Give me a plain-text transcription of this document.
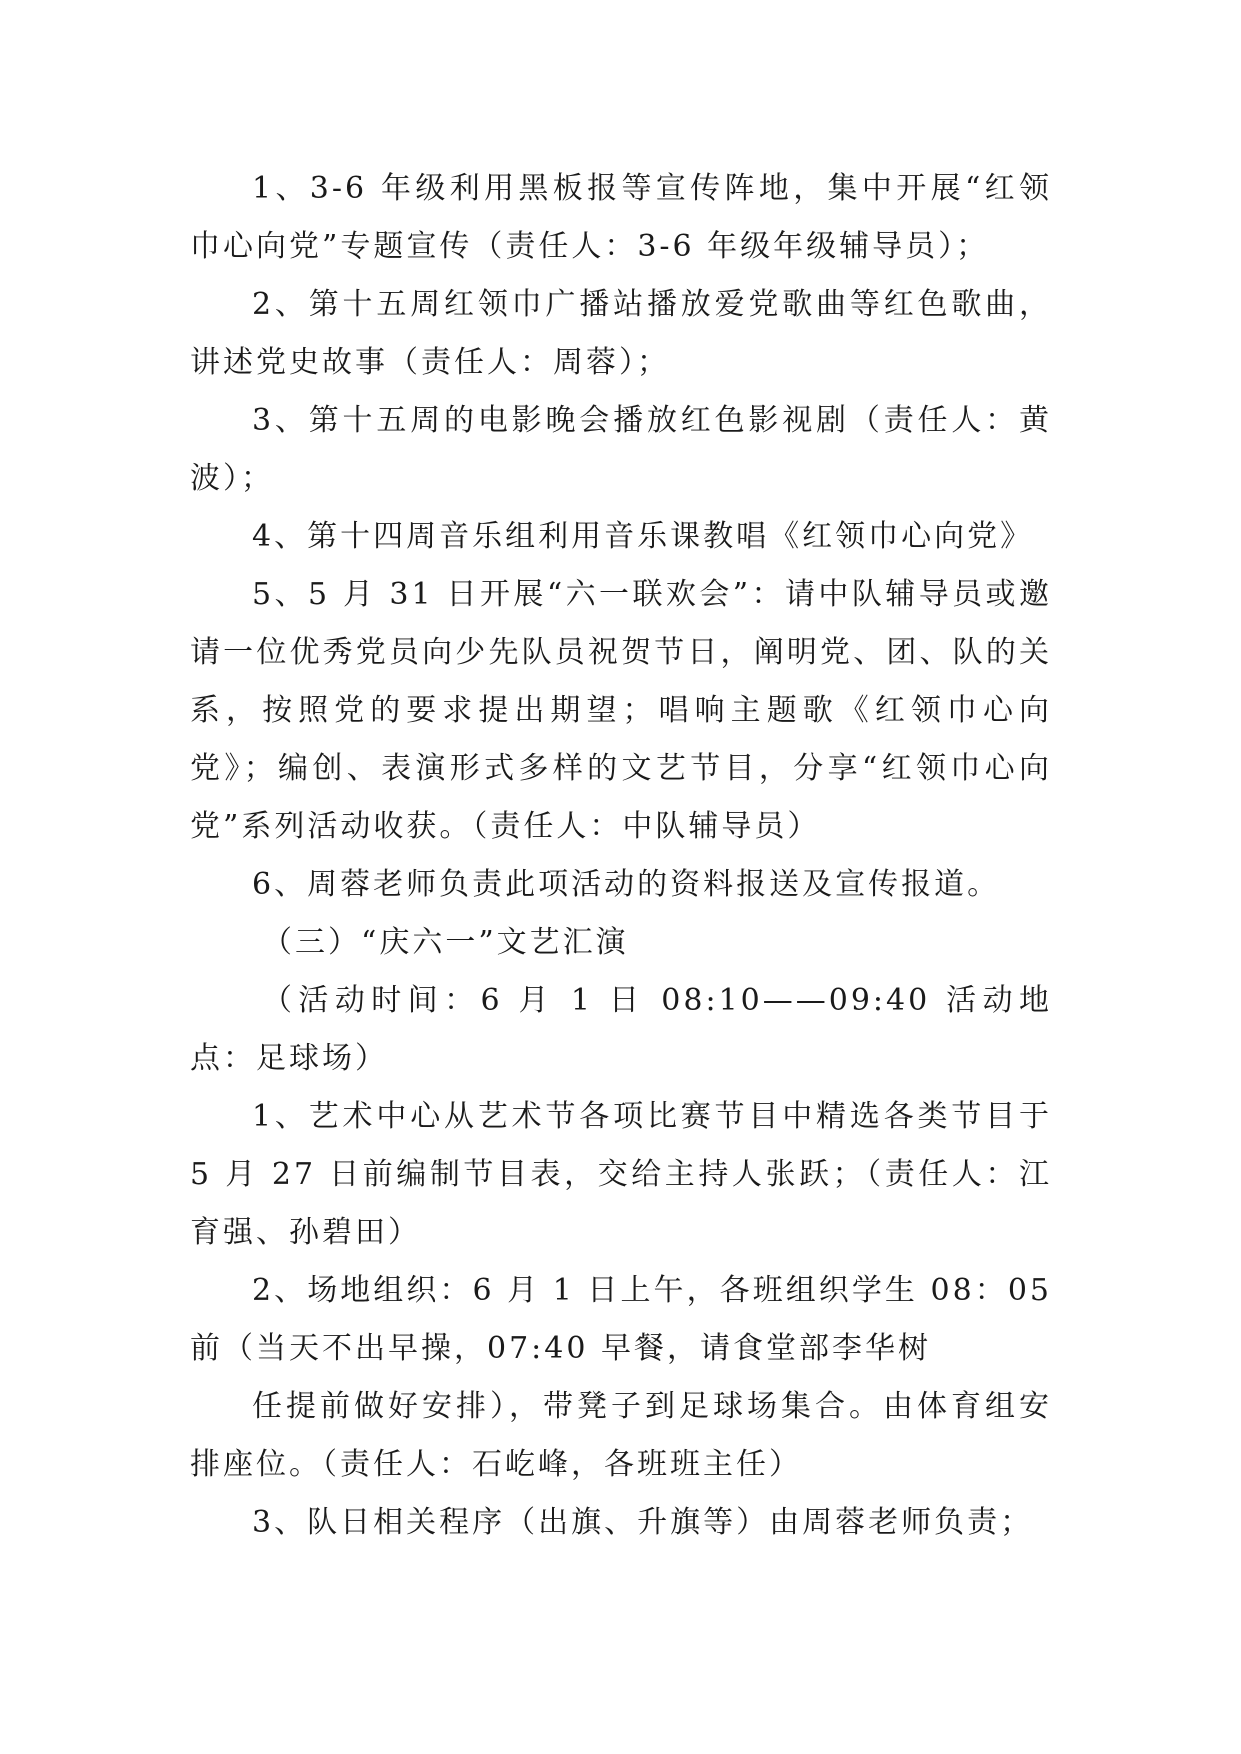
1、3-6 年级利用黑板报等宣传阵地，集中开展“红领巾心向党”专题宣传（责任人：3-6 年级年级辅导员）；

2、第十五周红领巾广播站播放爱党歌曲等红色歌曲，讲述党史故事（责任人：周蓉）；

3、第十五周的电影晚会播放红色影视剧（责任人：黄波）；

4、第十四周音乐组利用音乐课教唱《红领巾心向党》

5、5 月 31 日开展“六一联欢会”：请中队辅导员或邀请一位优秀党员向少先队员祝贺节日，阐明党、团、队的关系，按照党的要求提出期望；唱响主题歌《红领巾心向党》；编创、表演形式多样的文艺节目，分享“红领巾心向党”系列活动收获。（责任人：中队辅导员）

6、周蓉老师负责此项活动的资料报送及宣传报道。

（三）“庆六一”文艺汇演

（活动时间：6 月 1 日 08:10——09:40 活动地点：足球场）

1、艺术中心从艺术节各项比赛节目中精选各类节目于 5 月 27 日前编制节目表，交给主持人张跃；（责任人：江育强、孙碧田）

2、场地组织：6 月 1 日上午，各班组织学生 08：05 前（当天不出早操，07:40 早餐，请食堂部李华树

任提前做好安排），带凳子到足球场集合。由体育组安排座位。（责任人：石屹峰，各班班主任）

3、队日相关程序（出旗、升旗等）由周蓉老师负责；
